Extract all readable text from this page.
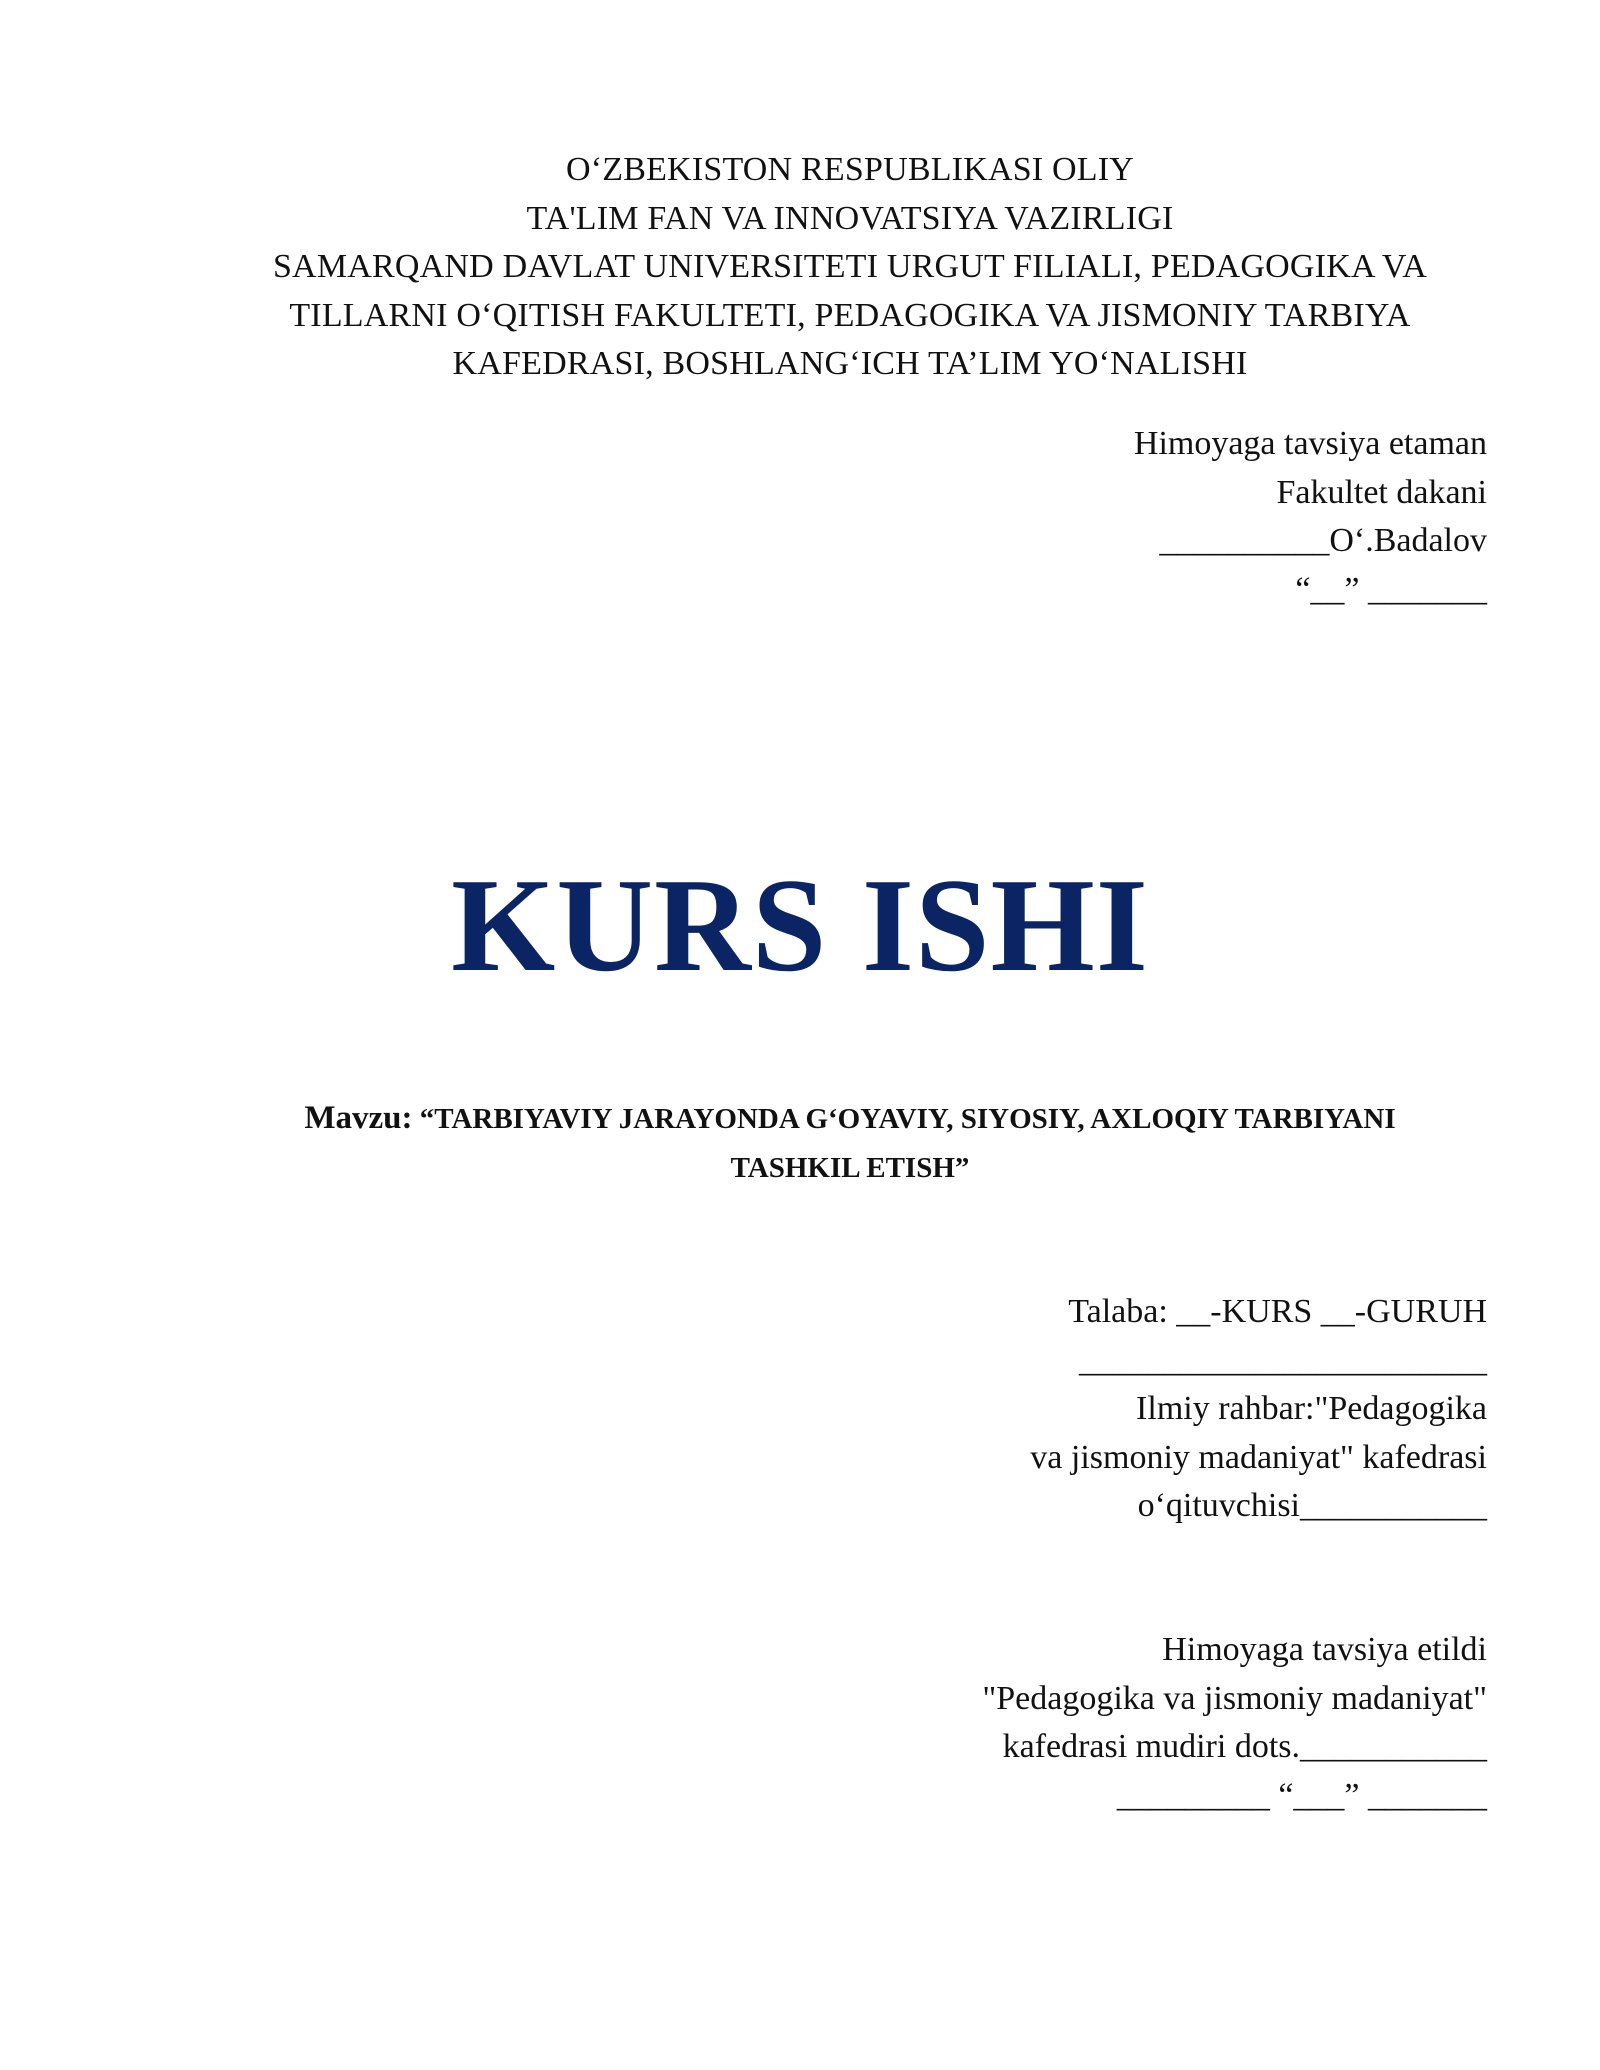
O‘ZBEKISTON RESPUBLIKASI OLIY
TA'LIM FAN VA INNOVATSIYA VAZIRLIGI
SAMARQAND DAVLAT UNIVERSITETI URGUT FILIALI, PEDAGOGIKA VA
TILLARNI O‘QITISH FAKULTETI, PEDAGOGIKA VA JISMONIY TARBIYA
KAFEDRASI, BOSHLANG‘ICH TA’LIM YO‘NALISHI
Himoyaga tavsiya etaman
Fakultet dakani
__________O‘.Badalov
“__” _______
KURS ISHI
Mavzu: “TARBIYAVIY JARAYONDA G‘OYAVIY, SIYOSIY, AXLOQIY TARBIYANI
TASHKIL ETISH”
Talaba: __-KURS __-GURUH
________________________
Ilmiy rahbar:"Pedagogika
va jismoniy madaniyat" kafedrasi
o‘qituvchisi___________
Himoyaga tavsiya etildi
"Pedagogika va jismoniy madaniyat"
kafedrasi mudiri dots.___________
_________ “___” _______
